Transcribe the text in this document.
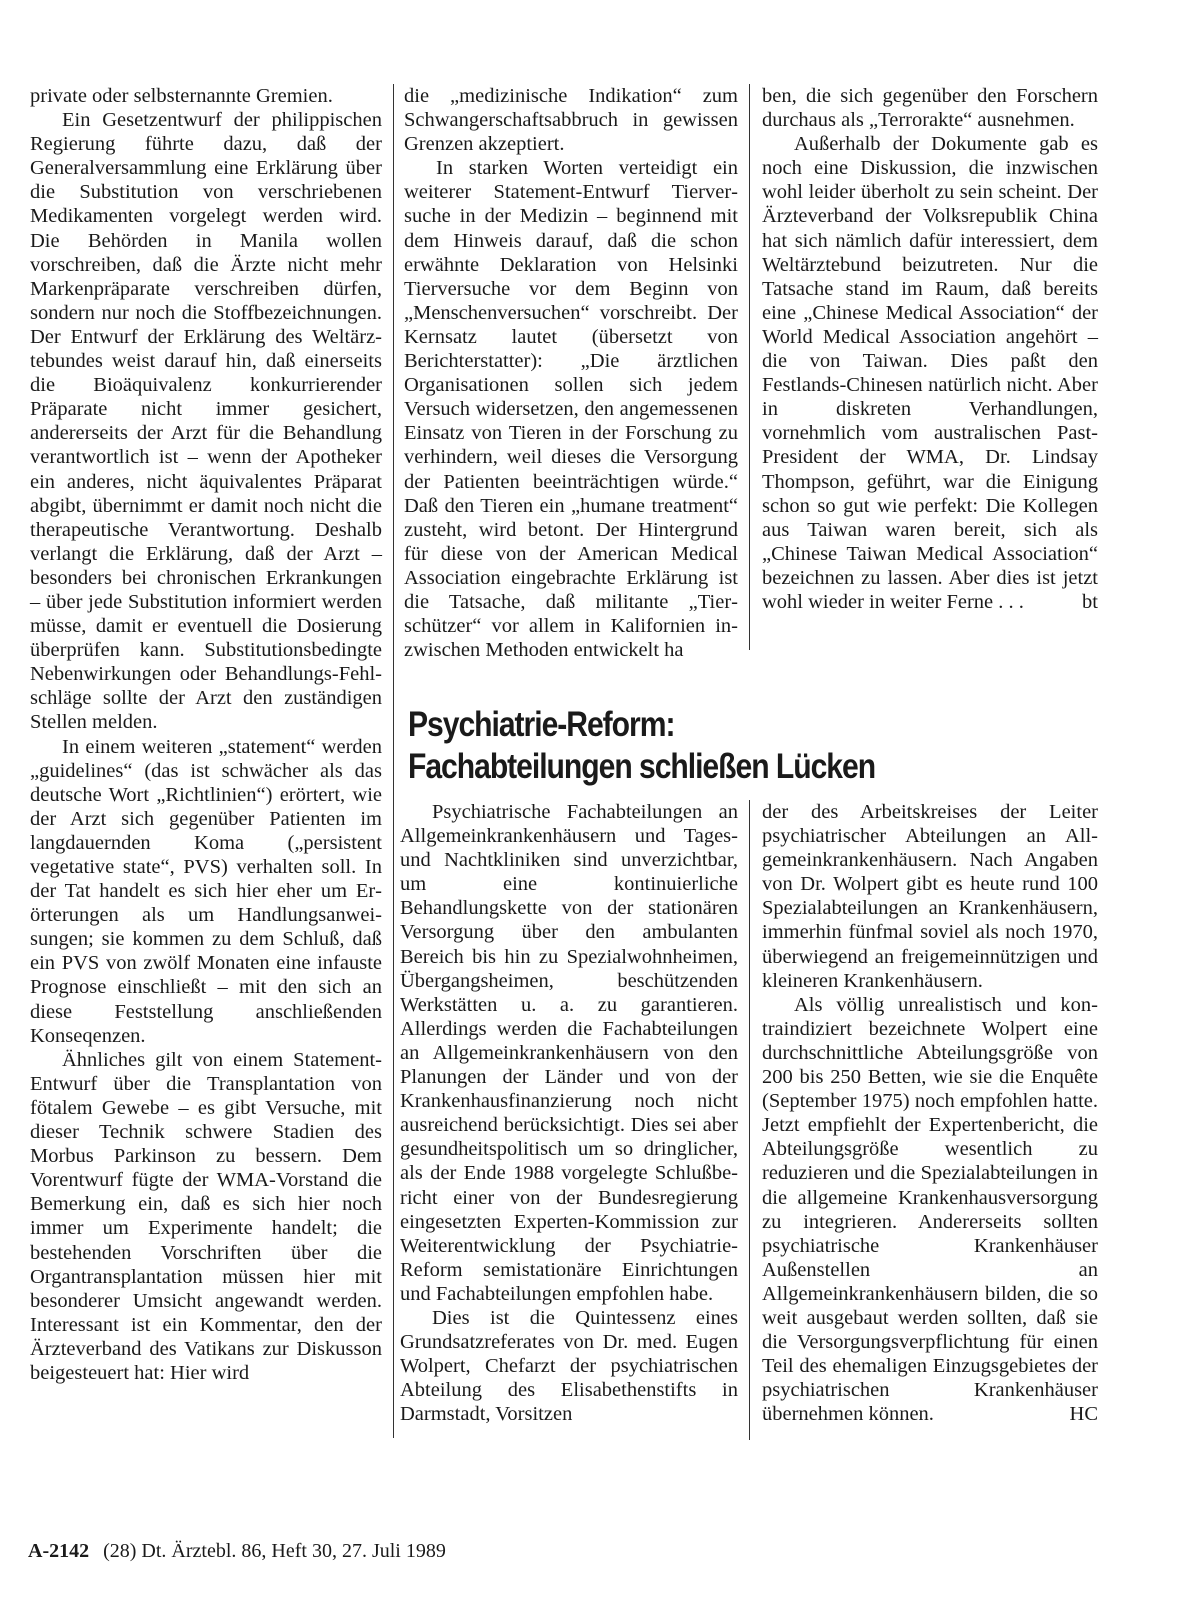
private oder selbsternannte Gremien.

Ein Gesetzentwurf der philippischen Regierung führte dazu, daß der Generalversammlung eine Erklärung über die Substitution von verschriebenen Medikamenten vorgelegt werden wird. Die Behörden in Manila wollen vorschreiben, daß die Ärzte nicht mehr Markenpräparate verschreiben dürfen, sondern nur noch die Stoffbezeichnungen. Der Entwurf der Erklärung des Weltärztebundes weist darauf hin, daß einerseits die Bioäquivalenz konkurrierender Präparate nicht immer gesichert, andererseits der Arzt für die Behandlung verantwortlich ist – wenn der Apotheker ein anderes, nicht äquivalentes Präparat abgibt, übernimmt er damit noch nicht die therapeutische Verantwortung. Deshalb verlangt die Erklärung, daß der Arzt – besonders bei chronischen Erkrankungen – über jede Substitution informiert werden müsse, damit er eventuell die Dosierung überprüfen kann. Substitutionsbedingte Nebenwirkungen oder Behandlungs-Fehlschläge sollte der Arzt den zuständigen Stellen melden.

In einem weiteren „statement“ werden „guidelines“ (das ist schwächer als das deutsche Wort „Richtlinien“) erörtert, wie der Arzt sich gegenüber Patienten im langdauernden Koma („persistent vegetative state“, PVS) verhalten soll. In der Tat handelt es sich hier eher um Erörterungen als um Handlungsanweisungen; sie kommen zu dem Schluß, daß ein PVS von zwölf Monaten eine infauste Prognose einschließt – mit den sich an diese Feststellung anschließenden Konseqenzen.

Ähnliches gilt von einem Statement-Entwurf über die Transplantation von fötalem Gewebe – es gibt Versuche, mit dieser Technik schwere Stadien des Morbus Parkinson zu bessern. Dem Vorentwurf fügte der WMA-Vorstand die Bemerkung ein, daß es sich hier noch immer um Experimente handelt; die bestehenden Vorschriften über die Organtransplantation müssen hier mit besonderer Umsicht angewandt werden. Interessant ist ein Kommentar, den der Ärzteverband des Vatikans zur Diskusson beigesteuert hat: Hier wird

die „medizinische Indikation“ zum Schwangerschaftsabbruch in gewissen Grenzen akzeptiert.

In starken Worten verteidigt ein weiterer Statement-Entwurf Tierversuche in der Medizin – beginnend mit dem Hinweis darauf, daß die schon erwähnte Deklaration von Helsinki Tierversuche vor dem Beginn von „Menschenversuchen“ vorschreibt. Der Kernsatz lautet (übersetzt von Berichterstatter): „Die ärztlichen Organisationen sollen sich jedem Versuch widersetzen, den angemessenen Einsatz von Tieren in der Forschung zu verhindern, weil dieses die Versorgung der Patienten beeinträchtigen würde.“ Daß den Tieren ein „humane treatment“ zusteht, wird betont. Der Hintergrund für diese von der American Medical Association eingebrachte Erklärung ist die Tatsache, daß militante „Tierschützer“ vor allem in Kalifornien inzwischen Methoden entwickelt ha

ben, die sich gegenüber den Forschern durchaus als „Terrorakte“ ausnehmen.

Außerhalb der Dokumente gab es noch eine Diskussion, die inzwischen wohl leider überholt zu sein scheint. Der Ärzteverband der Volksrepublik China hat sich nämlich dafür interessiert, dem Weltärztebund beizutreten. Nur die Tatsache stand im Raum, daß bereits eine „Chinese Medical Association“ der World Medical Association angehört – die von Taiwan. Dies paßt den Festlands-Chinesen natürlich nicht. Aber in diskreten Verhandlungen, vornehmlich vom australischen Past-President der WMA, Dr. Lindsay Thompson, geführt, war die Einigung schon so gut wie perfekt: Die Kollegen aus Taiwan waren bereit, sich als „Chinese Taiwan Medical Association“ bezeichnen zu lassen. Aber dies ist jetzt wohl wieder in weiter Ferne . . .	bt

Psychiatrie-Reform:
Fachabteilungen schließen Lücken

Psychiatrische Fachabteilungen an Allgemeinkrankenhäusern und Tages- und Nachtkliniken sind unverzichtbar, um eine kontinuierliche Behandlungskette von der stationären Versorgung über den ambulanten Bereich bis hin zu Spezialwohnheimen, Übergangsheimen, beschützenden Werkstätten u. a. zu garantieren. Allerdings werden die Fachabteilungen an Allgemeinkrankenhäusern von den Planungen der Länder und von der Krankenhausfinanzierung noch nicht ausreichend berücksichtigt. Dies sei aber gesundheitspolitisch um so dringlicher, als der Ende 1988 vorgelegte Schlußbericht einer von der Bundesregierung eingesetzten Experten-Kommission zur Weiterentwicklung der Psychiatrie-Reform semistationäre Einrichtungen und Fachabteilungen empfohlen habe.

Dies ist die Quintessenz eines Grundsatzreferates von Dr. med. Eugen Wolpert, Chefarzt der psychiatrischen Abteilung des Elisabethenstifts in Darmstadt, Vorsitzen

der des Arbeitskreises der Leiter psychiatrischer Abteilungen an Allgemeinkrankenhäusern. Nach Angaben von Dr. Wolpert gibt es heute rund 100 Spezialabteilungen an Krankenhäusern, immerhin fünfmal soviel als noch 1970, überwiegend an freigemeinnützigen und kleineren Krankenhäusern.

Als völlig unrealistisch und kontraindiziert bezeichnete Wolpert eine durchschnittliche Abteilungsgröße von 200 bis 250 Betten, wie sie die Enquête (September 1975) noch empfohlen hatte. Jetzt empfiehlt der Expertenbericht, die Abteilungsgröße wesentlich zu reduzieren und die Spezialabteilungen in die allgemeine Krankenhausversorgung zu integrieren. Andererseits sollten psychiatrische Krankenhäuser Außenstellen an Allgemeinkrankenhäusern bilden, die so weit ausgebaut werden sollten, daß sie die Versorgungsverpflichtung für einen Teil des ehemaligen Einzugsgebietes der psychiatrischen Krankenhäuser übernehmen können.	HC

A-2142 (28) Dt. Ärztebl. 86, Heft 30, 27. Juli 1989
